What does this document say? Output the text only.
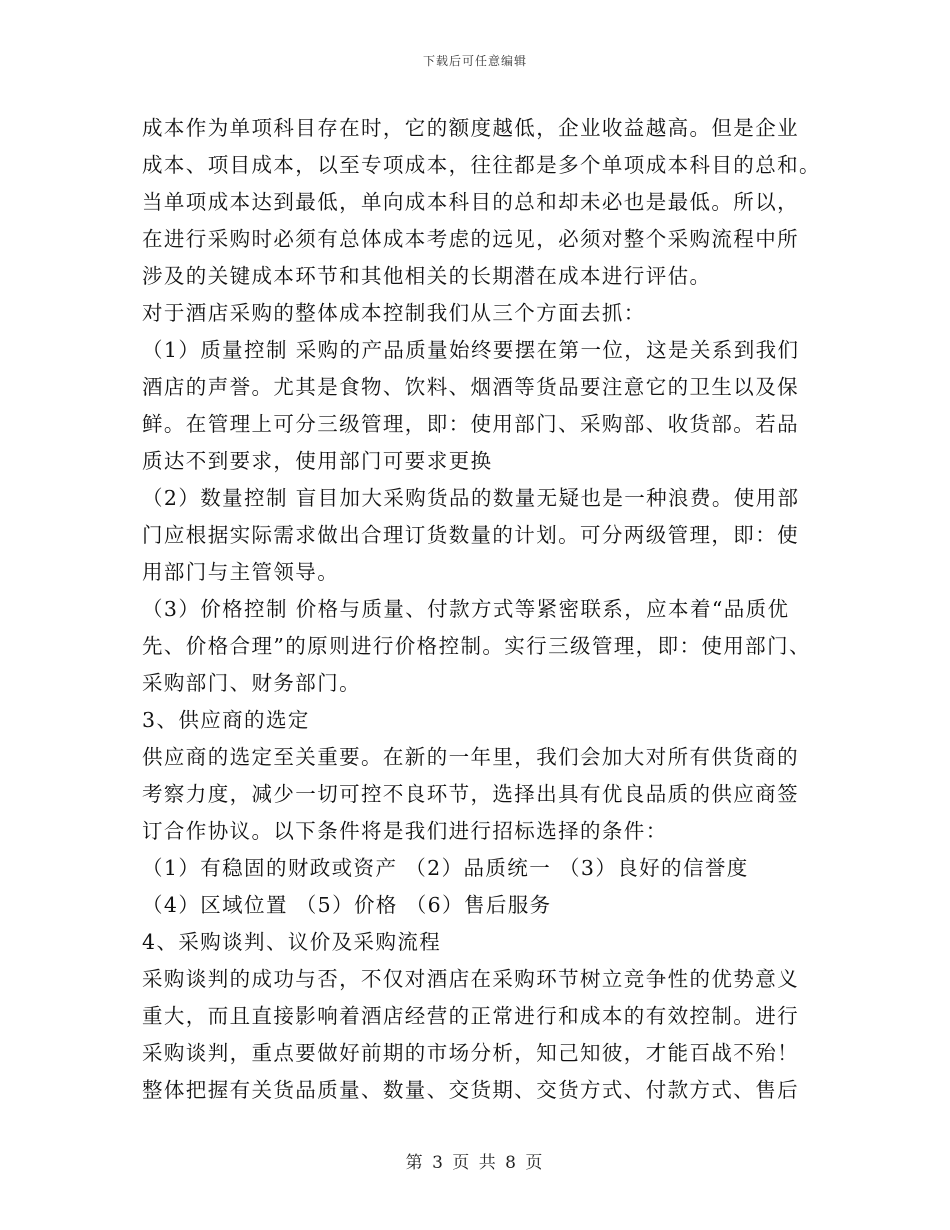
下载后可任意编辑
成本作为单项科目存在时，它的额度越低，企业收益越高。但是企业
成本、项目成本，以至专项成本，往往都是多个单项成本科目的总和。
当单项成本达到最低，单向成本科目的总和却未必也是最低。所以，
在进行采购时必须有总体成本考虑的远见，必须对整个采购流程中所
涉及的关键成本环节和其他相关的长期潜在成本进行评估。
对于酒店采购的整体成本控制我们从三个方面去抓：
（1）质量控制 采购的产品质量始终要摆在第一位，这是关系到我们
酒店的声誉。尤其是食物、饮料、烟酒等货品要注意它的卫生以及保
鲜。在管理上可分三级管理，即：使用部门、采购部、收货部。若品
质达不到要求，使用部门可要求更换
（2）数量控制 盲目加大采购货品的数量无疑也是一种浪费。使用部
门应根据实际需求做出合理订货数量的计划。可分两级管理，即：使
用部门与主管领导。
（3）价格控制 价格与质量、付款方式等紧密联系，应本着“品质优
先、价格合理”的原则进行价格控制。实行三级管理，即：使用部门、
采购部门、财务部门。
3、供应商的选定
供应商的选定至关重要。在新的一年里，我们会加大对所有供货商的
考察力度，减少一切可控不良环节，选择出具有优良品质的供应商签
订合作协议。以下条件将是我们进行招标选择的条件：
（1）有稳固的财政或资产 （2）品质统一 （3）良好的信誉度
（4）区域位置 （5）价格 （6）售后服务
4、采购谈判、议价及采购流程
采购谈判的成功与否，不仅对酒店在采购环节树立竞争性的优势意义
重大，而且直接影响着酒店经营的正常进行和成本的有效控制。进行
采购谈判，重点要做好前期的市场分析，知己知彼，才能百战不殆！
整体把握有关货品质量、数量、交货期、交货方式、付款方式、售后
第 3 页 共 8 页
